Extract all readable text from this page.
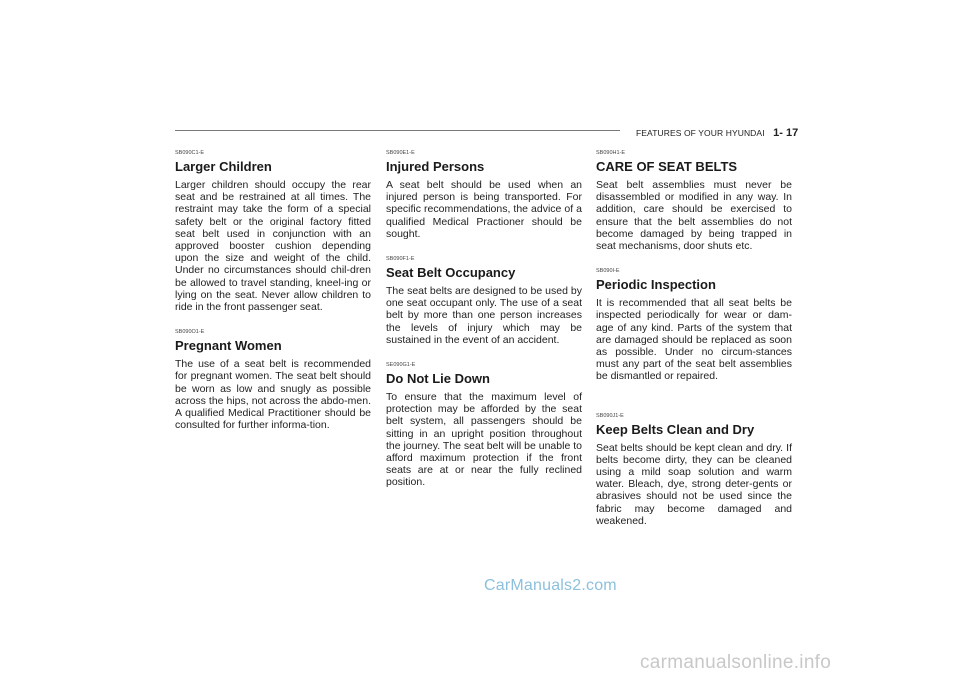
FEATURES OF YOUR HYUNDAI 1- 17
SB090C1-E
Larger Children

Larger children should occupy the rear seat and be restrained at all times. The restraint may take the form of a special safety belt or the original factory fitted seat belt used in conjunction with an approved booster cushion depending upon the size and weight of the child. Under no circumstances should chil-dren be allowed to travel standing, kneel-ing or lying on the seat. Never allow children to ride in the front passenger seat.

SB090O1-E
Pregnant Women

The use of a seat belt is recommended for pregnant women. The seat belt should be worn as low and snugly as possible across the hips, not across the abdo-men. A qualified Medical Practitioner should be consulted for further informa-tion.

SB090E1-E
Injured Persons

A seat belt should be used when an injured person is being transported. For specific recommendations, the advice of a qualified Medical Practioner should be sought.

SB090F1-E
Seat Belt Occupancy

The seat belts are designed to be used by one seat occupant only. The use of a seat belt by more than one person increases the levels of injury which may be sustained in the event of an accident.

SE090G1-E
Do Not Lie Down

To ensure that the maximum level of protection may be afforded by the seat belt system, all passengers should be sitting in an upright position throughout the journey. The seat belt will be unable to afford maximum protection if the front seats are at or near the fully reclined position.

SB090H1-E
CARE OF SEAT BELTS

Seat belt assemblies must never be disassembled or modified in any way. In addition, care should be exercised to ensure that the belt assemblies do not become damaged by being trapped in seat mechanisms, door shuts etc.

SB090I-E
Periodic Inspection

It is recommended that all seat belts be inspected periodically for wear or dam-age of any kind. Parts of the system that are damaged should be replaced as soon as possible. Under no circum-stances must any part of the seat belt assemblies be dismantled or repaired.

SB090J1-E
Keep Belts Clean and Dry

Seat belts should be kept clean and dry. If belts become dirty, they can be cleaned using a mild soap solution and warm water. Bleach, dye, strong deter-gents or abrasives should not be used since the fabric may become damaged and weakened.

CarManuals2.com
carmanualsonline.info
